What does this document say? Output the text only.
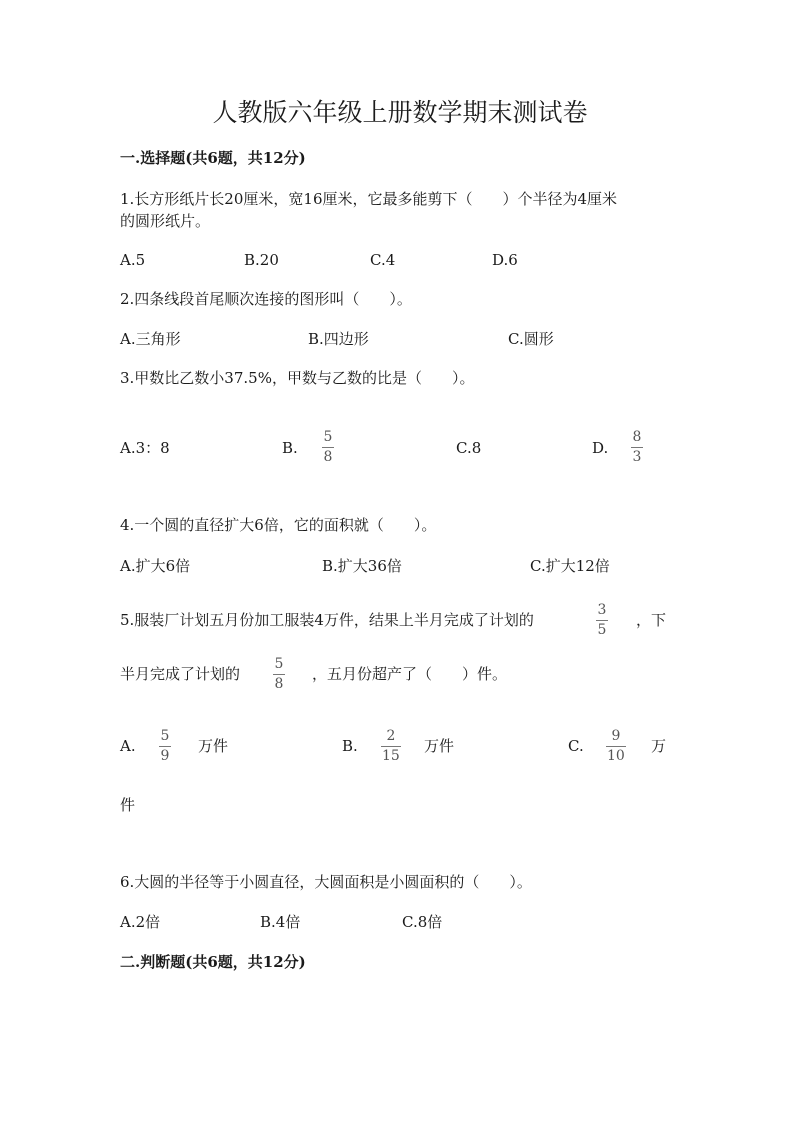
人教版六年级上册数学期末测试卷
一.选择题(共6题，共12分)
1.长方形纸片长20厘米，宽16厘米，它最多能剪下（　　）个半径为4厘米
的圆形纸片。
A.5	B.20	C.4	D.6
2.四条线段首尾顺次连接的图形叫（　　）。
A.三角形	B.四边形	C.圆形
3.甲数比乙数小37.5%，甲数与乙数的比是（　　）。
A.3：8	B.
5
8	C.8	D.
8
3
4.一个圆的直径扩大6倍，它的面积就（　　）。
A.扩大6倍	B.扩大36倍	C.扩大12倍
5.服装厂计划五月份加工服装4万件，结果上半月完成了计划的
3
5
，下
半月完成了计划的
5
8
，五月份超产了（　　）件。
A.
5
9
万件	B.
2
15
万件	C.
9
10
万
件
6.大圆的半径等于小圆直径，大圆面积是小圆面积的（　　）。
A.2倍	B.4倍	C.8倍
二.判断题(共6题，共12分)
